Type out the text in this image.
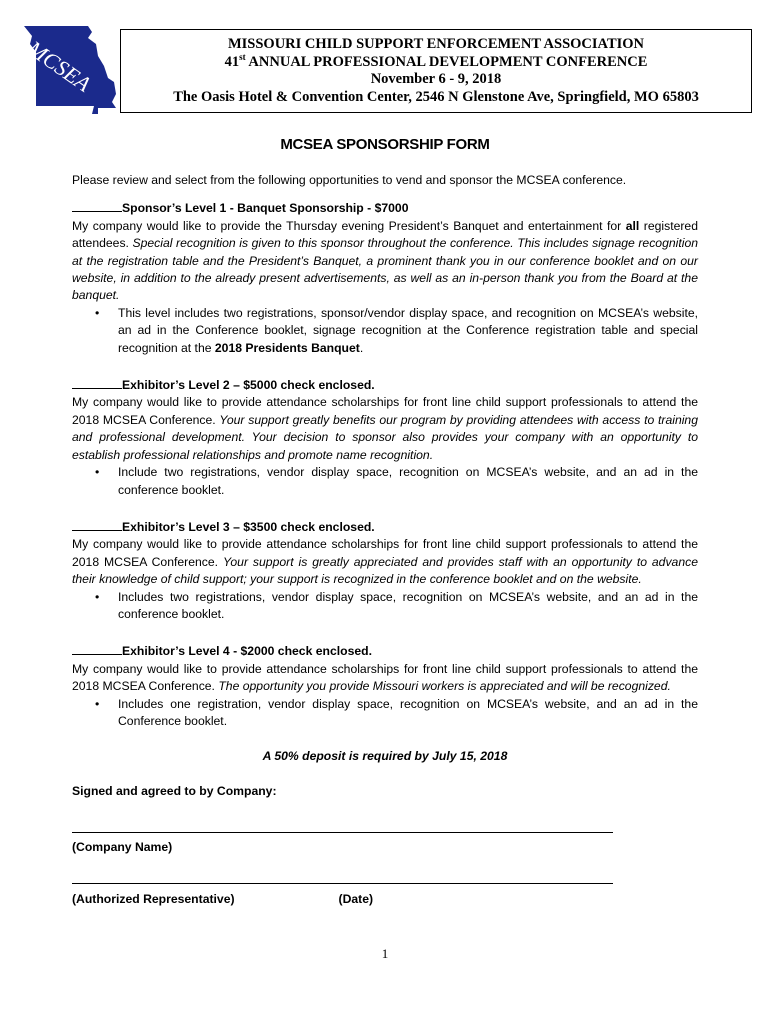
MCSEA	MISSOURI CHILD SUPPORT ENFORCEMENT ASSOCIATION
41st ANNUAL PROFESSIONAL DEVELOPMENT CONFERENCE
November 6 - 9, 2018
The Oasis Hotel & Convention Center, 2546 N Glenstone Ave, Springfield, MO 65803
MCSEA SPONSORSHIP FORM

Please review and select from the following opportunities to vend and sponsor the MCSEA conference.

Sponsor’s Level 1 - Banquet Sponsorship - $7000

My company would like to provide the Thursday evening President’s Banquet and entertainment for all registered attendees. Special recognition is given to this sponsor throughout the conference. This includes signage recognition at the registration table and the President’s Banquet, a prominent thank you in our conference booklet and on our website, in addition to the already present advertisements, as well as an in-person thank you from the Board at the banquet.

• This level includes two registrations, sponsor/vendor display space, and recognition on MCSEA’s website, an ad in the Conference booklet, signage recognition at the Conference registration table and special recognition at the 2018 Presidents Banquet.

Exhibitor’s Level 2 – $5000 check enclosed.

My company would like to provide attendance scholarships for front line child support professionals to attend the 2018 MCSEA Conference. Your support greatly benefits our program by providing attendees with access to training and professional development. Your decision to sponsor also provides your company with an opportunity to establish professional relationships and promote name recognition.

• Include two registrations, vendor display space, recognition on MCSEA’s website, and an ad in the conference booklet.

Exhibitor’s Level 3 – $3500 check enclosed.

My company would like to provide attendance scholarships for front line child support professionals to attend the 2018 MCSEA Conference. Your support is greatly appreciated and provides staff with an opportunity to advance their knowledge of child support; your support is recognized in the conference booklet and on the website.

• Includes two registrations, vendor display space, recognition on MCSEA’s website, and an ad in the conference booklet.

Exhibitor’s Level 4 - $2000 check enclosed.

My company would like to provide attendance scholarships for front line child support professionals to attend the 2018 MCSEA Conference. The opportunity you provide Missouri workers is appreciated and will be recognized.

• Includes one registration, vendor display space, recognition on MCSEA’s website, and an ad in the Conference booklet.

A 50% deposit is required by July 15, 2018

Signed and agreed to by Company:

(Company Name)

(Authorized Representative)	(Date)

1
